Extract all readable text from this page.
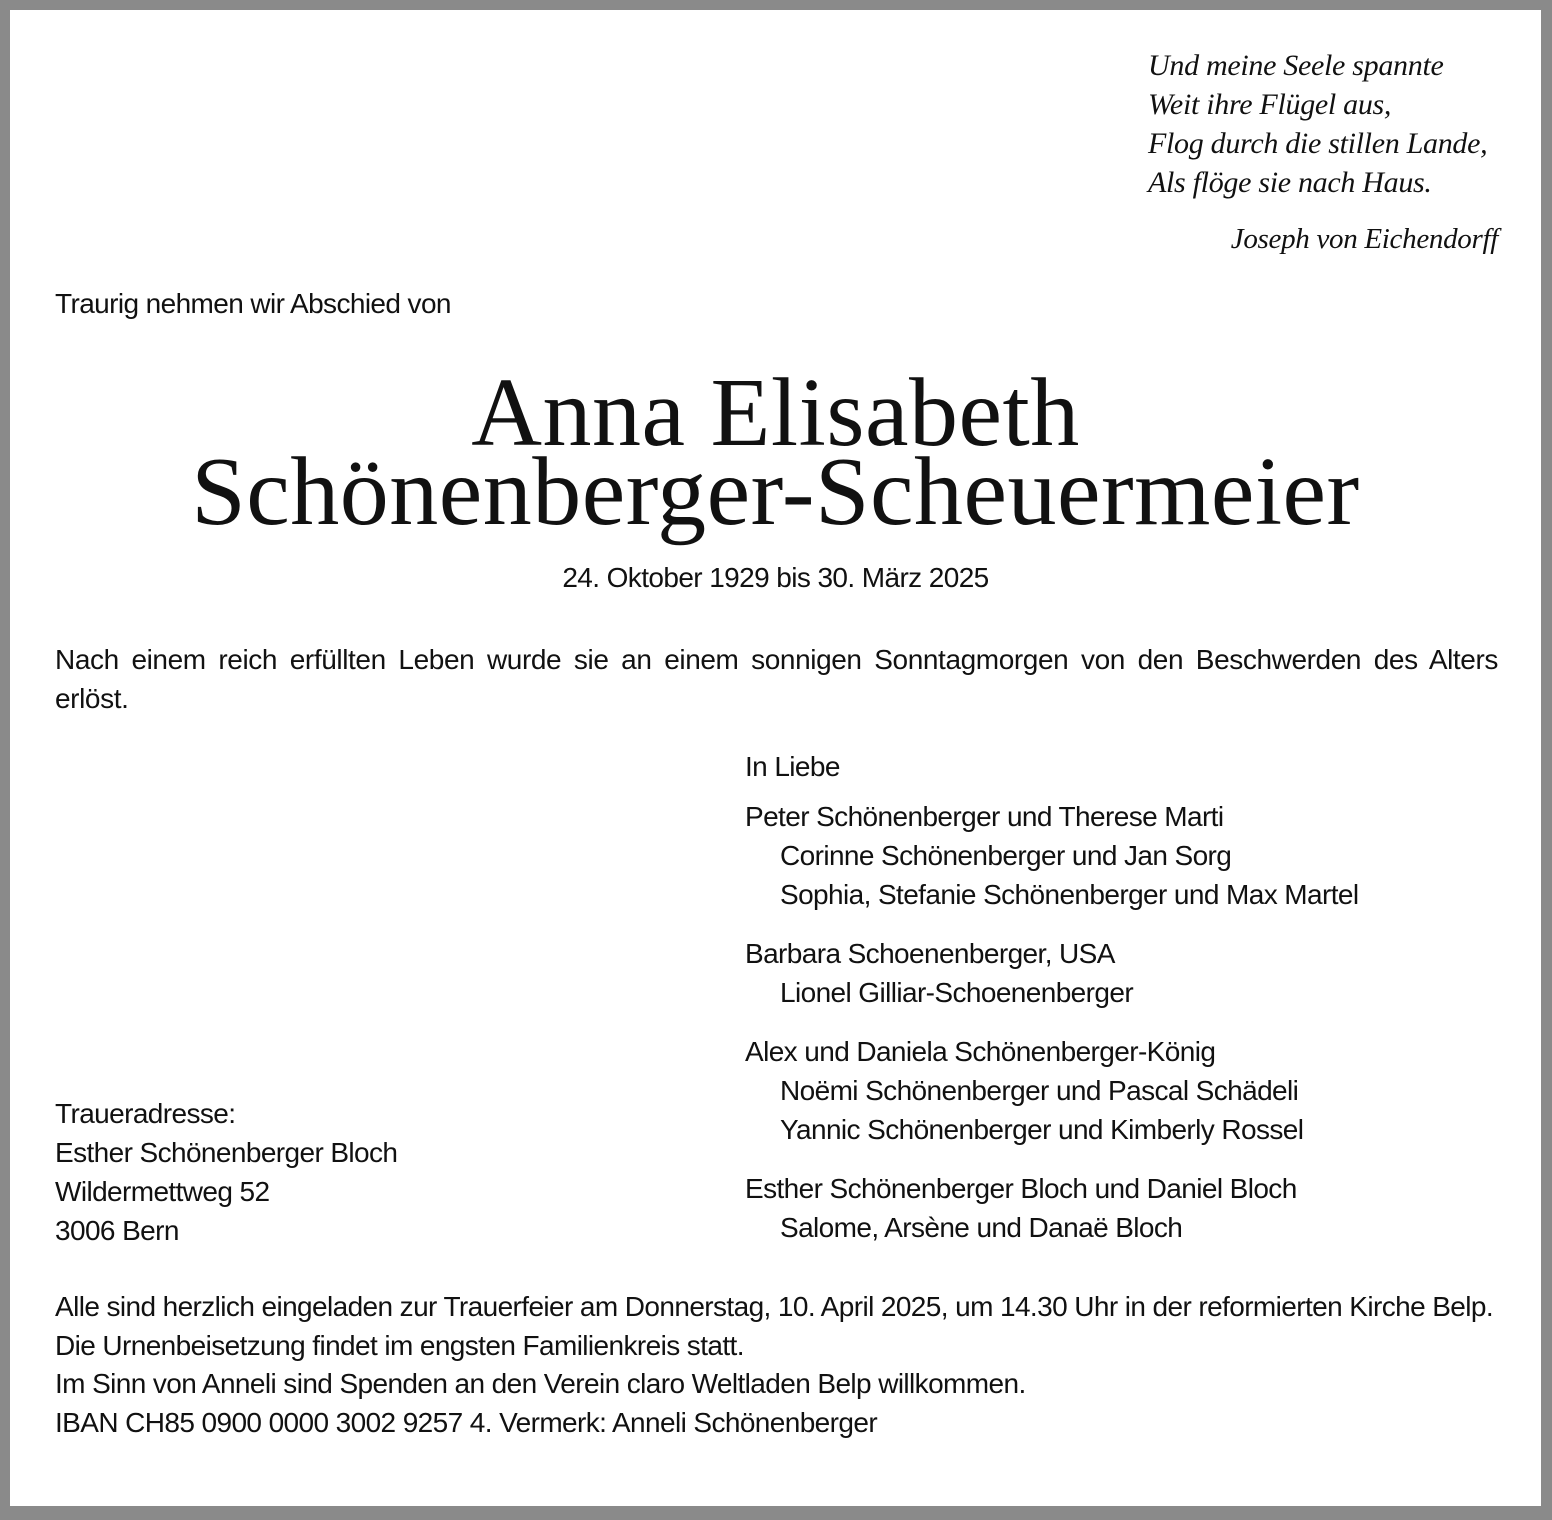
Und meine Seele spannte
Weit ihre Flügel aus,
Flog durch die stillen Lande,
Als flöge sie nach Haus.
Joseph von Eichendorff
Traurig nehmen wir Abschied von
Anna Elisabeth
Schönenberger-Scheuermeier
24. Oktober 1929 bis 30. März 2025
Nach einem reich erfüllten Leben wurde sie an einem sonnigen Sonntagmorgen von den Beschwerden des Alters erlöst.
In Liebe
Peter Schönenberger und Therese Marti
Corinne Schönenberger und Jan Sorg
Sophia, Stefanie Schönenberger und Max Martel
Barbara Schoenenberger, USA
Lionel Gilliar-Schoenenberger
Alex und Daniela Schönenberger-König
Noëmi Schönenberger und Pascal Schädeli
Yannic Schönenberger und Kimberly Rossel
Esther Schönenberger Bloch und Daniel Bloch
Salome, Arsène und Danaë Bloch
Traueradresse:
Esther Schönenberger Bloch
Wildermettweg 52
3006 Bern
Alle sind herzlich eingeladen zur Trauerfeier am Donnerstag, 10. April 2025, um 14.30 Uhr in der reformierten Kirche Belp.
Die Urnenbeisetzung findet im engsten Familienkreis statt.
Im Sinn von Anneli sind Spenden an den Verein claro Weltladen Belp willkommen.
IBAN CH85 0900 0000 3002 9257 4. Vermerk: Anneli Schönenberger
